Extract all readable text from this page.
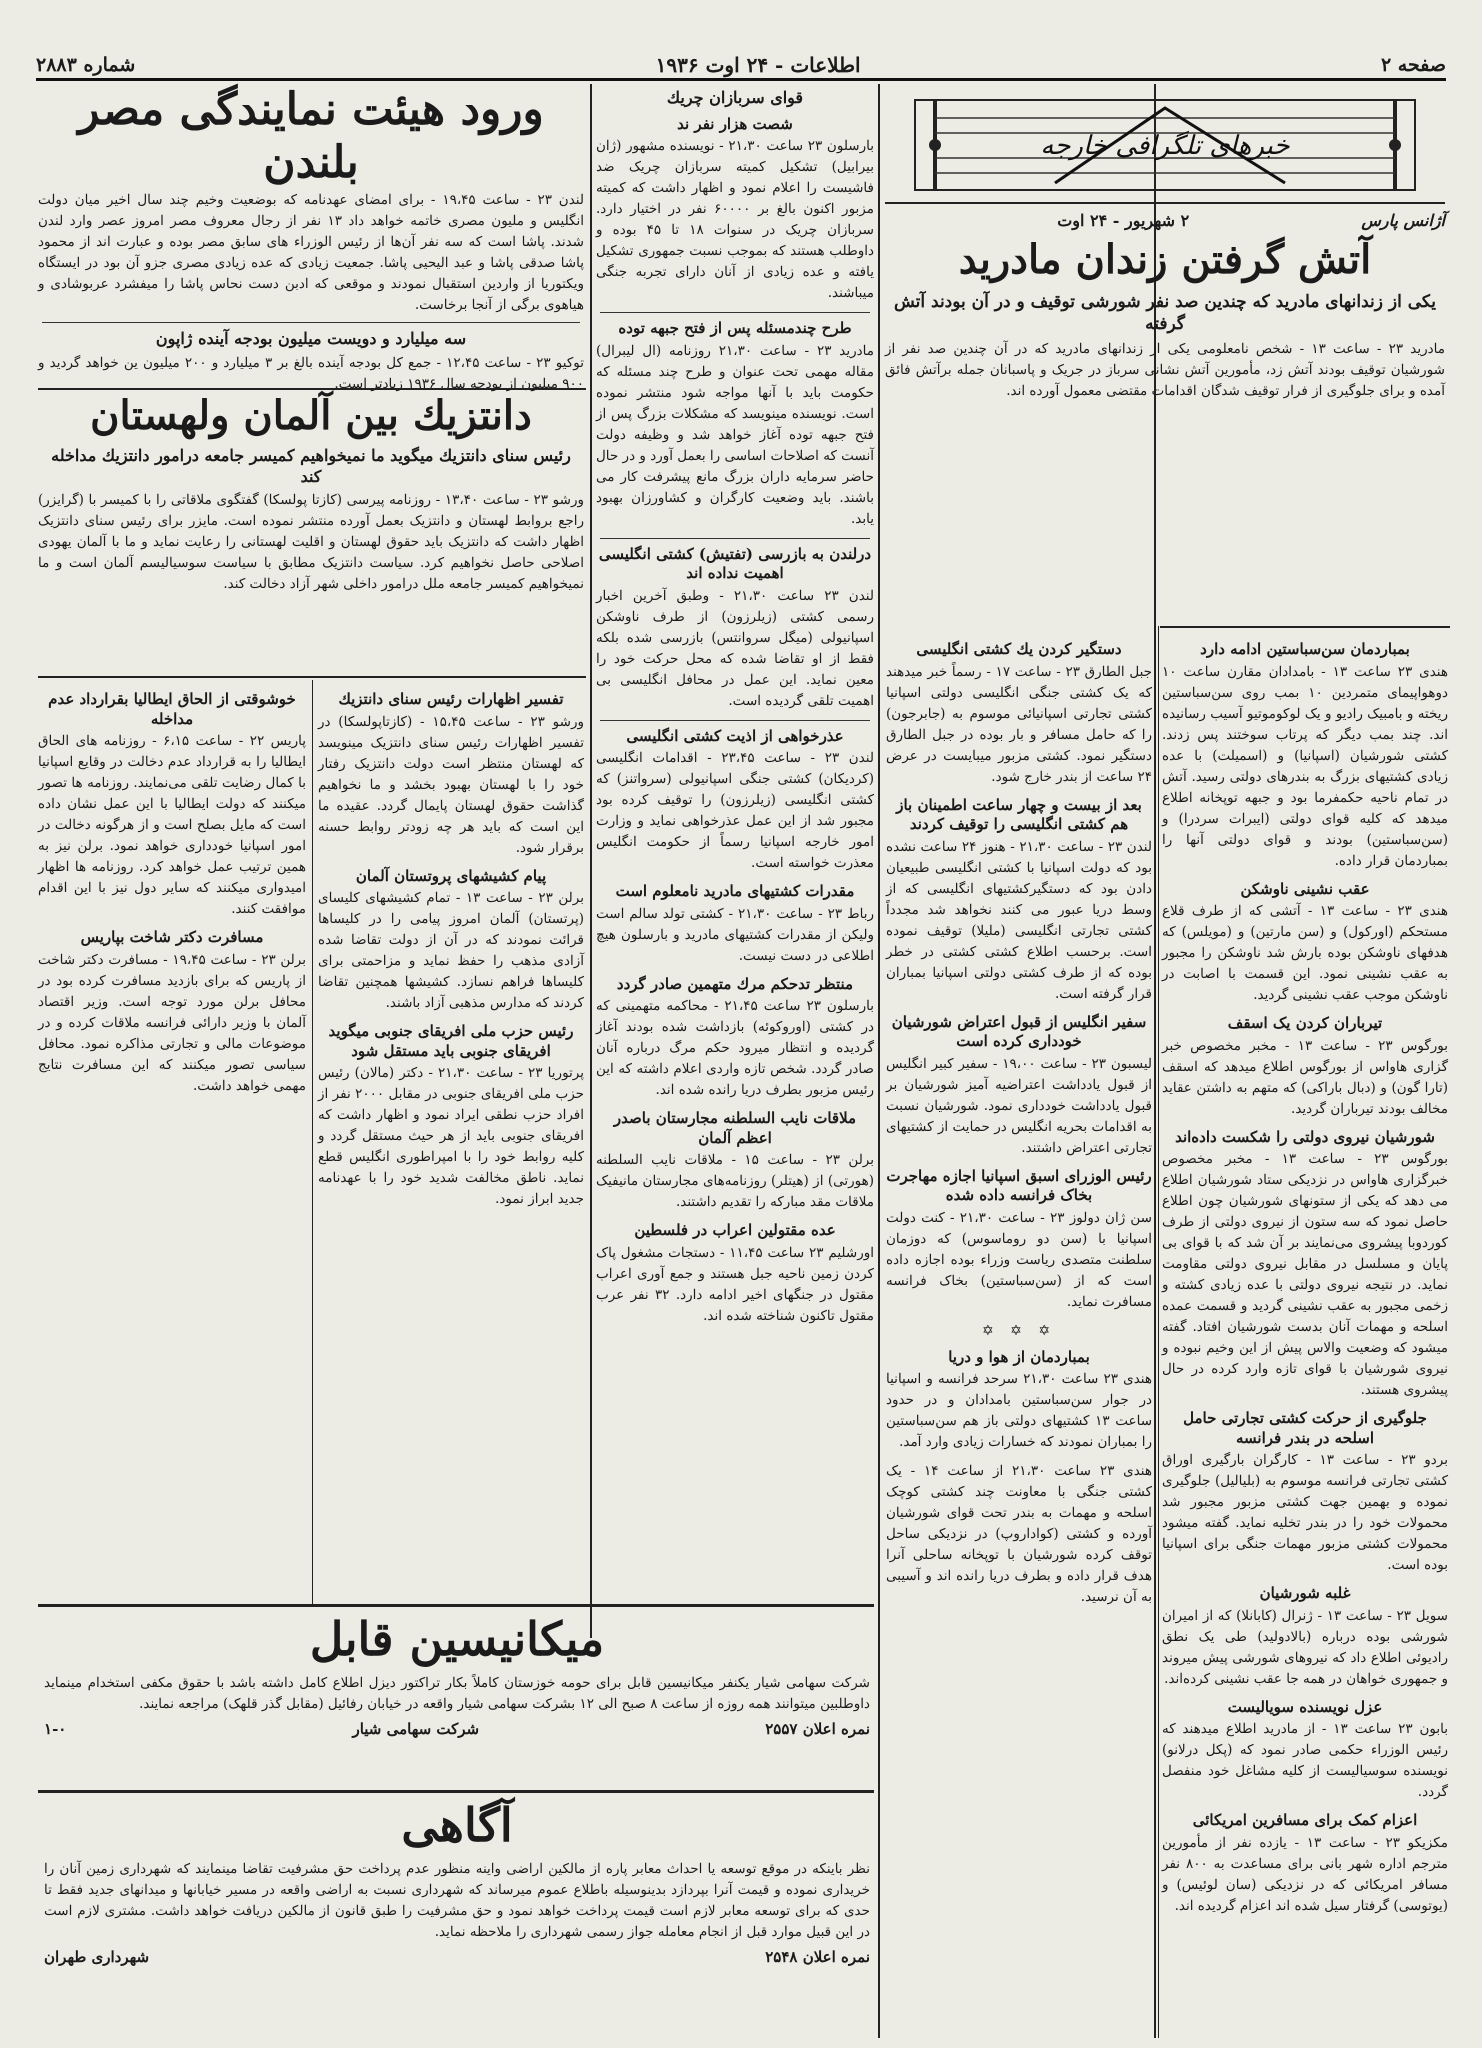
صفحه ۲
اطلاعات - ۲۴ اوت ۱۹۳۶
شماره ۲۸۸۳
خبرهای تلگرافی خارجه
آژانس پارس
۲ شهریور - ۲۴ اوت
آتش گرفتن زندان مادرید
یکی از زندانهای مادرید که چندین صد نفر شورشی توقیف و در آن بودند آتش گرفته

مادرید ۲۳ - ساعت ۱۳ - شخص نامعلومی یکی از زندانهای مادرید که در آن چندین صد نفر از شورشیان توقیف بودند آتش زد، مأمورین آتش نشانی سرباز در جریک و پاسبانان جمله برآتش فائق آمده و برای جلوگیری از فرار توقیف شدگان اقدامات مقتضی معمول آورده اند.

بمباردمان سن‌سباستین ادامه دارد

هندی ۲۳ ساعت ۱۳ - بامدادان مقارن ساعت ۱۰ دوهواپیمای متمردین ۱۰ بمب روی سن‌سباستین ریخته و بامبیک رادیو و یک لوکوموتیو آسیب رسانیده اند. چند بمب دیگر که پرتاب سوختند پس زدند. کشتی شورشیان (اسپانیا) و (اسمیلت) با عده زیادی کشتیهای بزرگ به بندرهای دولتی رسید. آتش در تمام ناحیه حکمفرما بود و جبهه توپخانه اطلاع میدهد که کلیه قوای دولتی (ایبرات سردرا) و (سن‌سباستین) بودند و قوای دولتی آنها را بمباردمان قرار داده.

عقب نشینی ناوشکن

هندی ۲۳ - ساعت ۱۳ - آتشی که از طرف قلاع مستحکم (اورکول) و (سن مارتین) و (مویلس) که هدفهای ناوشکن بوده بارش شد ناوشکن را مجبور به عقب نشینی نمود. این قسمت با اصابت در ناوشکن موجب عقب نشینی گردید.

تیرباران کردن یک اسقف

بورگوس ۲۳ - ساعت ۱۳ - مخبر مخصوص خبر گزاری هاواس از بورگوس اطلاع میدهد که اسقف (تارا گون) و (دبال باراکی) که متهم به داشتن عقاید مخالف بودند تیرباران گردید.

شورشیان نیروی دولتی را شکست داده‌اند

بورگوس ۲۳ - ساعت ۱۳ - مخبر مخصوص خبرگزاری هاواس در نزدیکی ستاد شورشیان اطلاع می دهد که یکی از ستونهای شورشیان چون اطلاع حاصل نمود که سه ستون از نیروی دولتی از طرف کوردوبا پیشروی می‌نمایند بر آن شد که با قوای بی پایان و مسلسل در مقابل نیروی دولتی مقاومت نماید. در نتیجه نیروی دولتی با عده زیادی کشته و زخمی مجبور به عقب نشینی گردید و قسمت عمده اسلحه و مهمات آنان بدست شورشیان افتاد. گفته میشود که وضعیت والاس پیش از این وخیم نبوده و نیروی شورشیان با قوای تازه وارد کرده در حال پیشروی هستند.

جلوگیری از حرکت کشتی تجارتی حامل اسلحه در بندر فرانسه

بردو ۲۳ - ساعت ۱۳ - کارگران بارگیری اوراق کشتی تجارتی فرانسه موسوم به (بلیالیل) جلوگیری نموده و بهمین جهت کشتی مزبور مجبور شد محمولات خود را در بندر تخلیه نماید. گفته میشود محمولات کشتی مزبور مهمات جنگی برای اسپانیا بوده است.

غلبه شورشیان

سویل ۲۳ - ساعت ۱۳ - ژنرال (کابانلا) که از امیران شورشی بوده درباره (بالادولید) طی یک نطق رادیوئی اطلاع داد که نیروهای شورشی پیش میروند و جمهوری خواهان در همه جا عقب نشینی کرده‌اند.

عزل نویسنده سویالیست

بابون ۲۳ ساعت ۱۳ - از مادرید اطلاع میدهند که رئیس الوزراء حکمی صادر نمود که (پکل درلانو) نویسنده سوسیالیست از کلیه مشاغل خود منفصل گردد.

اعزام کمک برای مسافرین امریکائی

مکزیکو ۲۳ - ساعت ۱۳ - یازده نفر از مأمورین مترجم اداره شهر بانی برای مساعدت به ۸۰۰ نفر مسافر امریکائی که در نزدیکی (سان لوئیس) و (یوتوسی) گرفتار سیل شده اند اعزام گردیده اند.

دستگیر کردن یك کشتی انگلیسی

جبل الطارق ۲۳ - ساعت ۱۷ - رسماً خبر میدهند که یک کشتی جنگی انگلیسی دولتی اسپانیا کشتی تجارتی اسپانیائی موسوم به (جابرجون) را که حامل مسافر و بار بوده در جبل الطارق دستگیر نمود. کشتی مزبور میبایست در عرض ۲۴ ساعت از بندر خارج شود.

بعد از بیست و چهار ساعت اطمینان باز هم کشتی انگلیسی را توقیف کردند

لندن ۲۳ - ساعت ۲۱،۳۰ - هنوز ۲۴ ساعت نشده بود که دولت اسپانیا با کشتی انگلیسی طبیعیان دادن بود که دستگیرکشتیهای انگلیسی که از وسط دریا عبور می کنند نخواهد شد مجدداً کشتی تجارتی انگلیسی (ملیلا) توقیف نموده است. برحسب اطلاع کشتی کشتی در خطر بوده که از طرف کشتی دولتی اسپانیا بمباران قرار گرفته است.

سفیر انگلیس از قبول اعتراض شورشیان خودداری کرده است

لیسبون ۲۳ - ساعت ۱۹،۰۰ - سفیر کبیر انگلیس از قبول یادداشت اعتراضیه آمیز شورشیان بر قبول یادداشت خودداری نمود. شورشیان نسبت به اقدامات بحریه انگلیس در حمایت از کشتیهای تجارتی اعتراض داشتند.

رئیس الوزرای اسبق اسپانیا اجازه مهاجرت بخاک فرانسه داده شده

سن ژان دولوز ۲۳ - ساعت ۲۱،۳۰ - کنت دولت اسپانیا با (سن دو روماسوس) که دوزمان سلطنت متصدی ریاست وزراء بوده اجازه داده است که از (سن‌سباستین) بخاک فرانسه مسافرت نماید.

✡ ✡ ✡
بمباردمان از هوا و دریا

هندی ۲۳ ساعت ۲۱،۳۰ سرحد فرانسه و اسپانیا در جوار سن‌سباستین بامدادان و در حدود ساعت ۱۳ کشتیهای دولتی باز هم سن‌سباستین را بمباران نمودند که خسارات زیادی وارد آمد.

هندی ۲۳ ساعت ۲۱،۳۰ از ساعت ۱۴ - یک کشتی جنگی با معاونت چند کشتی کوچک اسلحه و مهمات به بندر تحت قوای شورشیان آورده و کشتی (کواداروپ) در نزدیکی ساحل توقف کرده شورشیان با توپخانه ساحلی آنرا هدف قرار داده و بطرف دریا رانده اند و آسیبی به آن نرسید.

قوای سربازان چریك
شصت هزار نفر ند

بارسلون ۲۳ ساعت ۲۱،۳۰ - نویسنده مشهور (ژان بیرابیل) تشکیل کمیته سربازان چریک ضد فاشیست را اعلام نمود و اظهار داشت که کمیته مزبور اکنون بالغ بر ۶۰۰۰۰ نفر در اختیار دارد. سربازان چریک در سنوات ۱۸ تا ۴۵ بوده و داوطلب هستند که بموجب نسبت جمهوری تشکیل یافته و عده زیادی از آنان دارای تجربه جنگی میباشند.

طرح چندمسئله پس از فتح جبهه توده

مادرید ۲۳ - ساعت ۲۱،۳۰ روزنامه (ال لیبرال) مقاله مهمی تحت عنوان و طرح چند مسئله که حکومت باید با آنها مواجه شود منتشر نموده است. نویسنده مینویسد که مشکلات بزرگ پس از فتح جبهه توده آغاز خواهد شد و وظیفه دولت آنست که اصلاحات اساسی را بعمل آورد و در حال حاضر سرمایه داران بزرگ مانع پیشرفت کار می باشند. باید وضعیت کارگران و کشاورزان بهبود یابد.

درلندن به بازرسی (تفتیش) کشتی انگلیسی اهمیت نداده اند

لندن ۲۳ ساعت ۲۱،۳۰ - وطبق آخرین اخبار رسمی کشتی (زیلرزون) از طرف ناوشکن اسپانیولی (میگل سروانتس) بازرسی شده بلکه فقط از او تقاضا شده که محل حرکت خود را معین نماید. این عمل در محافل انگلیسی بی اهمیت تلقی گردیده است.

عذرخواهی از اذیت کشتی انگلیسی

لندن ۲۳ - ساعت ۲۳،۴۵ - اقدامات انگلیسی (کردیکان) کشتی جنگی اسپانیولی (سرواتنز) که کشتی انگلیسی (زیلرزون) را توقیف کرده بود مجبور شد از این عمل عذرخواهی نماید و وزارت امور خارجه اسپانیا رسماً از حکومت انگلیس معذرت خواسته است.

مقدرات کشتیهای مادرید نامعلوم است

رباط ۲۳ - ساعت ۲۱،۳۰ - کشتی تولد سالم است ولیکن از مقدرات کشتیهای مادرید و بارسلون هیچ اطلاعی در دست نیست.

منتظر تدحکم مرك متهمین صادر گردد

بارسلون ۲۳ ساعت ۲۱،۴۵ - محاکمه متهمینی که در کشتی (اوروکوئه) بازداشت شده بودند آغاز گردیده و انتظار میرود حکم مرگ درباره آنان صادر گردد. شخص تازه واردی اعلام داشته که این رئیس مزبور بطرف دریا رانده شده اند.

ملاقات نایب السلطنه مجارستان باصدر اعظم آلمان

برلن ۲۳ - ساعت ۱۵ - ملاقات نایب السلطنه (هورتی) از (هیتلر) روزنامه‌های مجارستان مانیفیک ملاقات مقد مبارکه را تقدیم داشتند.

عده مقتولین اعراب در فلسطین

اورشلیم ۲۳ ساعت ۱۱،۴۵ - دستجات مشغول پاک کردن زمین ناحیه جبل هستند و جمع آوری اعراب مقتول در جنگهای اخیر ادامه دارد. ۳۲ نفر عرب مقتول تاکنون شناخته شده اند.

ورود هیئت نمایندگی مصر بلندن

لندن ۲۳ - ساعت ۱۹،۴۵ - برای امضای عهدنامه که بوضعیت وخیم چند سال اخیر میان دولت انگلیس و ملیون مصری خاتمه خواهد داد ۱۳ نفر از رجال معروف مصر امروز عصر وارد لندن شدند. پاشا است که سه نفر آن‌ها از رئیس الوزراء های سابق مصر بوده و عبارت اند از محمود پاشا صدقی پاشا و عبد الیحیی پاشا. جمعیت زیادی که عده زیادی مصری جزو آن بود در ایستگاه ویکتوریا از واردین استقبال نمودند و موقعی که ادبن دست نحاس پاشا را میفشرد عربوشادی و هیاهوی برگی از آنجا برخاست.

سه میلیارد و دویست میلیون بودجه آینده ژاپون

توکیو ۲۳ - ساعت ۱۲،۴۵ - جمع کل بودجه آینده بالغ بر ۳ میلیارد و ۲۰۰ میلیون ین خواهد گردید و ۹۰۰ میلیون از بودجه سال ۱۹۳۶ زیادتر است.

دانتزیك بین آلمان ولهستان
رئیس سنای دانتزیك میگوید ما نمیخواهیم کمیسر جامعه درامور دانتزیك مداخله کند

ورشو ۲۳ - ساعت ۱۳،۴۰ - روزنامه پیرسی (کازتا پولسکا) گفتگوی ملاقاتی را با کمیسر با (گرایزر) راجع بروابط لهستان و دانتزیک بعمل آورده منتشر نموده است. مایزر برای رئیس سنای دانتزیک اظهار داشت که دانتزیک باید حقوق لهستان و اقلیت لهستانی را رعایت نماید و ما با آلمان یهودی اصلاحی حاصل نخواهیم کرد. سیاست دانتزیک مطابق با سیاست سوسیالیسم آلمان است و ما نمیخواهیم کمیسر جامعه ملل درامور داخلی شهر آزاد دخالت کند.

تفسیر اظهارات رئیس سنای دانتزیك

ورشو ۲۳ - ساعت ۱۵،۴۵ - (کازتاپولسکا) در تفسیر اظهارات رئیس سنای دانتزیک مینویسد که لهستان منتظر است دولت دانتزیک رفتار خود را با لهستان بهبود بخشد و ما نخواهیم گذاشت حقوق لهستان پایمال گردد. عقیده ما این است که باید هر چه زودتر روابط حسنه برقرار شود.

پیام کشیشهای پروتستان آلمان

برلن ۲۳ - ساعت ۱۳ - تمام کشیشهای کلیسای (پرتستان) آلمان امروز پیامی را در کلیساها قرائت نمودند که در آن از دولت تقاضا شده آزادی مذهب را حفظ نماید و مزاحمتی برای کلیساها فراهم نسازد. کشیشها همچنین تقاضا کردند که مدارس مذهبی آزاد باشند.

رئیس حزب ملی افریقای جنوبی میگوید افریقای جنوبی باید مستقل شود

پرتوریا ۲۳ - ساعت ۲۱،۳۰ - دکتر (مالان) رئیس حزب ملی افریقای جنوبی در مقابل ۲۰۰۰ نفر از افراد حزب نطقی ایراد نمود و اظهار داشت که افریقای جنوبی باید از هر حیث مستقل گردد و کلیه روابط خود را با امپراطوری انگلیس قطع نماید. ناطق مخالفت شدید خود را با عهدنامه جدید ابراز نمود.

خوشوقتی از الحاق ایطالیا بقرارداد عدم مداخله

پاریس ۲۲ - ساعت ۶،۱۵ - روزنامه های الحاق ایطالیا را به قرارداد عدم دخالت در وقایع اسپانیا با کمال رضایت تلقی می‌نمایند. روزنامه ها تصور میکنند که دولت ایطالیا با این عمل نشان داده است که مایل بصلح است و از هرگونه دخالت در امور اسپانیا خودداری خواهد نمود. برلن نیز به همین ترتیب عمل خواهد کرد. روزنامه ها اظهار امیدواری میکنند که سایر دول نیز با این اقدام موافقت کنند.

مسافرت دکتر شاخت بپاریس

برلن ۲۳ - ساعت ۱۹،۴۵ - مسافرت دکتر شاخت از پاریس که برای بازدید مسافرت کرده بود در محافل برلن مورد توجه است. وزیر اقتصاد آلمان با وزیر دارائی فرانسه ملاقات کرده و در موضوعات مالی و تجارتی مذاکره نمود. محافل سیاسی تصور میکنند که این مسافرت نتایج مهمی خواهد داشت.

میکانیسین قابل

شرکت سهامی شیار یکنفر میکانیسین قابل برای حومه خوزستان کاملاً بکار تراکتور دیزل اطلاع کامل داشته باشد با حقوق مکفی استخدام مینماید داوطلبین میتوانند همه روزه از ساعت ۸ صبح الی ۱۲ بشرکت سهامی شیار واقعه در خیابان رفائیل (مقابل گذر قلهک) مراجعه نمایند.

نمره اعلان ۲۵۵۷
شرکت سهامی شیار
۱-۰
آگاهی

نظر باینکه در موقع توسعه یا احداث معابر پاره از مالکین اراضی واینه منظور عدم پرداخت حق مشرفیت تقاضا مینمایند که شهرداری زمین آنان را خریداری نموده و قیمت آنرا بپردازد بدینوسیله باطلاع عموم میرساند که شهرداری نسبت به اراضی واقعه در مسیر خیابانها و میدانهای جدید فقط تا حدی که برای توسعه معابر لازم است قیمت پرداخت خواهد نمود و حق مشرفیت را طبق قانون از مالکین دریافت خواهد داشت. مشتری لازم است در این قبیل موارد قبل از انجام معامله جواز رسمی شهرداری را ملاحظه نماید.

نمره اعلان ۲۵۴۸
شهرداری طهران
